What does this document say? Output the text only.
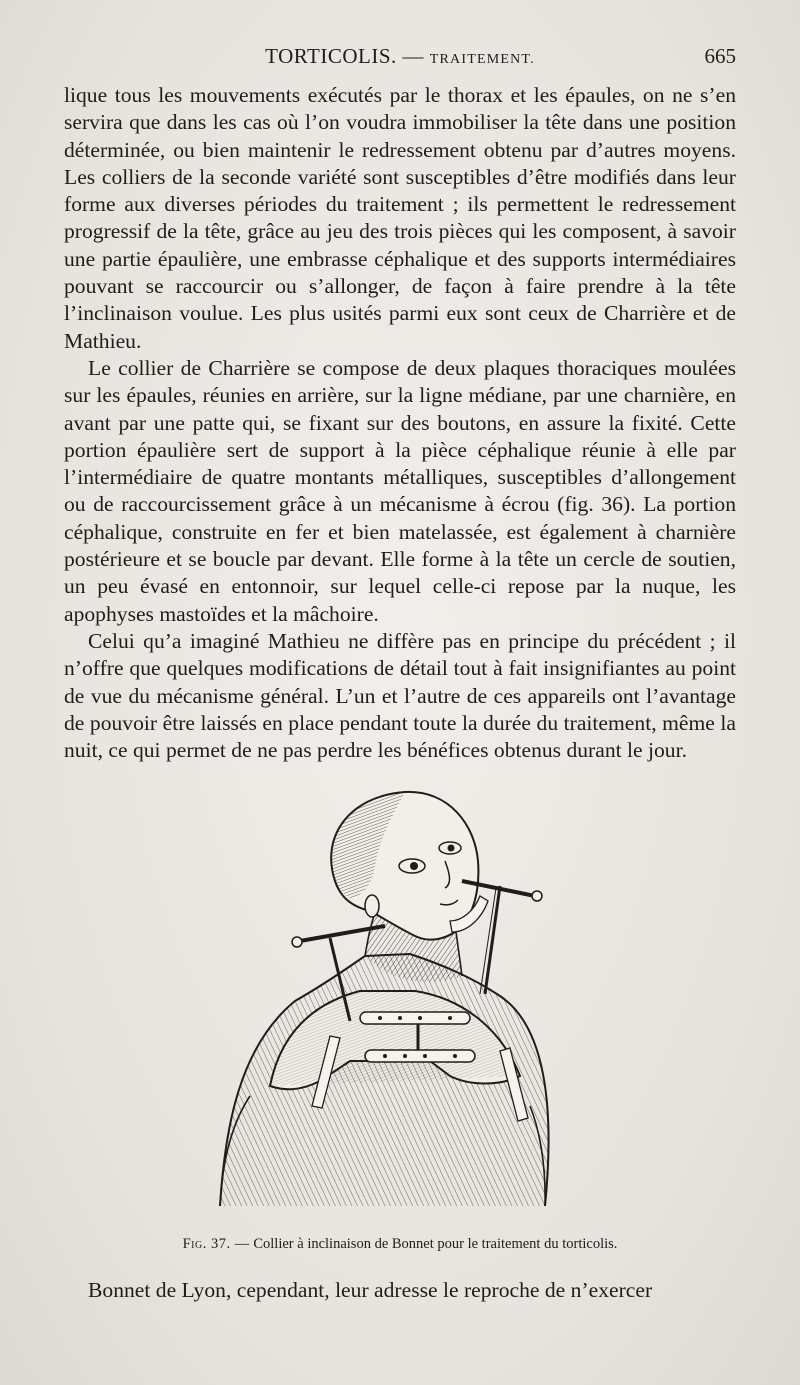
TORTICOLIS. — TRAITEMENT.	665

lique tous les mouvements exécutés par le thorax et les épaules, on ne s’en servira que dans les cas où l’on voudra immobiliser la tête dans une position déterminée, ou bien maintenir le redressement obtenu par d’autres moyens. Les colliers de la seconde variété sont susceptibles d’être modifiés dans leur forme aux diverses périodes du traitement ; ils permettent le redressement progressif de la tête, grâce au jeu des trois pièces qui les composent, à savoir une partie épaulière, une embrasse céphalique et des supports intermédiaires pouvant se raccourcir ou s’allonger, de façon à faire prendre à la tête l’inclinaison voulue. Les plus usités parmi eux sont ceux de Charrière et de Mathieu.

Le collier de Charrière se compose de deux plaques thoraciques moulées sur les épaules, réunies en arrière, sur la ligne médiane, par une charnière, en avant par une patte qui, se fixant sur des boutons, en assure la fixité. Cette portion épaulière sert de support à la pièce céphalique réunie à elle par l’intermédiaire de quatre montants métalliques, susceptibles d’allongement ou de raccourcissement grâce à un mécanisme à écrou (fig. 36). La portion céphalique, construite en fer et bien matelassée, est également à charnière postérieure et se boucle par devant. Elle forme à la tête un cercle de soutien, un peu évasé en entonnoir, sur lequel celle-ci repose par la nuque, les apophyses mastoïdes et la mâchoire.

Celui qu’a imaginé Mathieu ne diffère pas en principe du précédent ; il n’offre que quelques modifications de détail tout à fait insignifiantes au point de vue du mécanisme général. L’un et l’autre de ces appareils ont l’avantage de pouvoir être laissés en place pendant toute la durée du traitement, même la nuit, ce qui permet de ne pas perdre les bénéfices obtenus durant le jour.

Fig. 37. — Collier à inclinaison de Bonnet pour le traitement du torticolis.

Bonnet de Lyon, cependant, leur adresse le reproche de n’exercer
